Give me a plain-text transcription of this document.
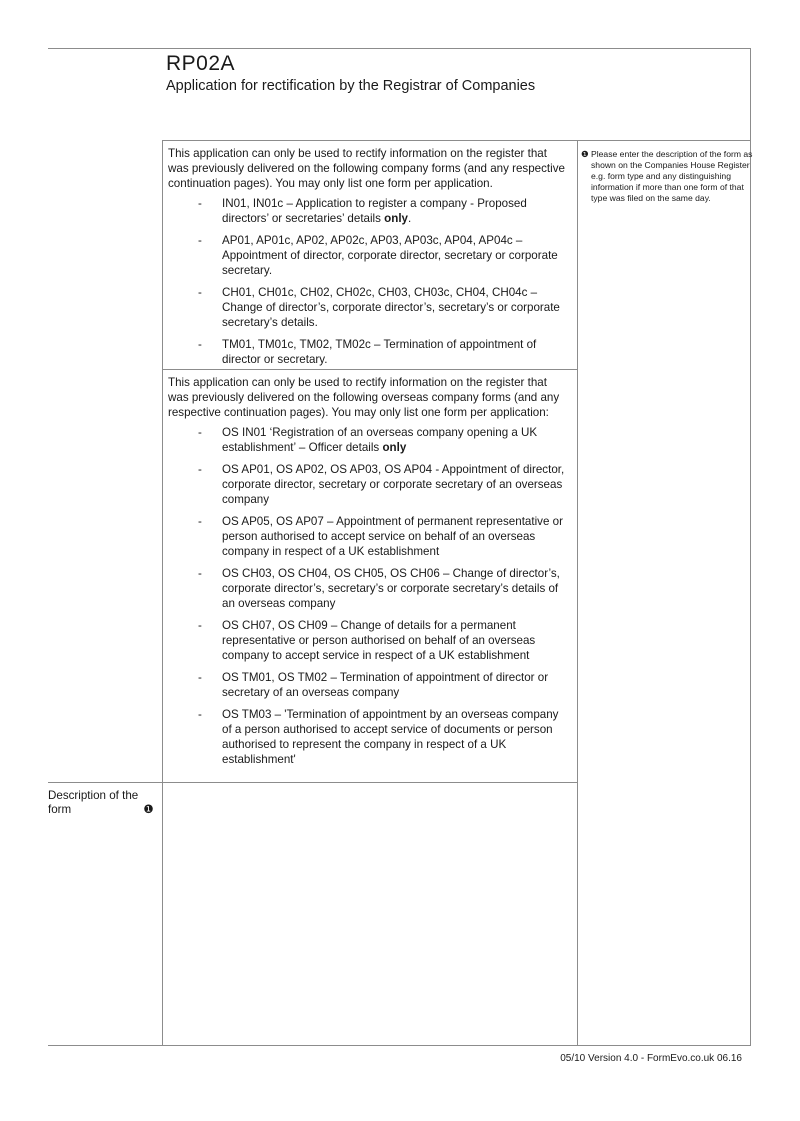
RP02A
Application for rectification by the Registrar of Companies

This application can only be used to rectify information on the register that was previously delivered on the following company forms (and any respective continuation pages). You may only list one form per application.

- IN01, IN01c – Application to register a company - Proposed directors’ or secretaries’ details only.
- AP01, AP01c, AP02, AP02c, AP03, AP03c, AP04, AP04c – Appointment of director, corporate director, secretary or corporate secretary.
- CH01, CH01c, CH02, CH02c, CH03, CH03c, CH04, CH04c – Change of director’s, corporate director’s, secretary’s or corporate secretary’s details.
- TM01, TM01c, TM02, TM02c – Termination of appointment of director or secretary.

This application can only be used to rectify information on the register that was previously delivered on the following overseas company forms (and any respective continuation pages). You may only list one form per application:

- OS IN01 ‘Registration of an overseas company opening a UK establishment’ – Officer details only
- OS AP01, OS AP02, OS AP03, OS AP04 - Appointment of director, corporate director, secretary or corporate secretary of an overseas company
- OS AP05, OS AP07 – Appointment of permanent representative or person authorised to accept service on behalf of an overseas company in respect of a UK establishment
- OS CH03, OS CH04, OS CH05, OS CH06 – Change of director’s, corporate director’s, secretary’s or corporate secretary’s details of an overseas company
- OS CH07, OS CH09 – Change of details for a permanent representative or person authorised on behalf of an overseas company to accept service in respect of a UK establishment
- OS TM01, OS TM02 – Termination of appointment of director or secretary of an overseas company
- OS TM03 – 'Termination of appointment by an overseas company of a person authorised to accept service of documents or person authorised to represent the company in respect of a UK establishment'
❶ Please enter the description of the form as shown on the Companies House Register e.g. form type and any distinguishing information if more than one form of that type was filed on the same day.
Description of the form	❶
05/10 Version 4.0 - FormEvo.co.uk 06.16
